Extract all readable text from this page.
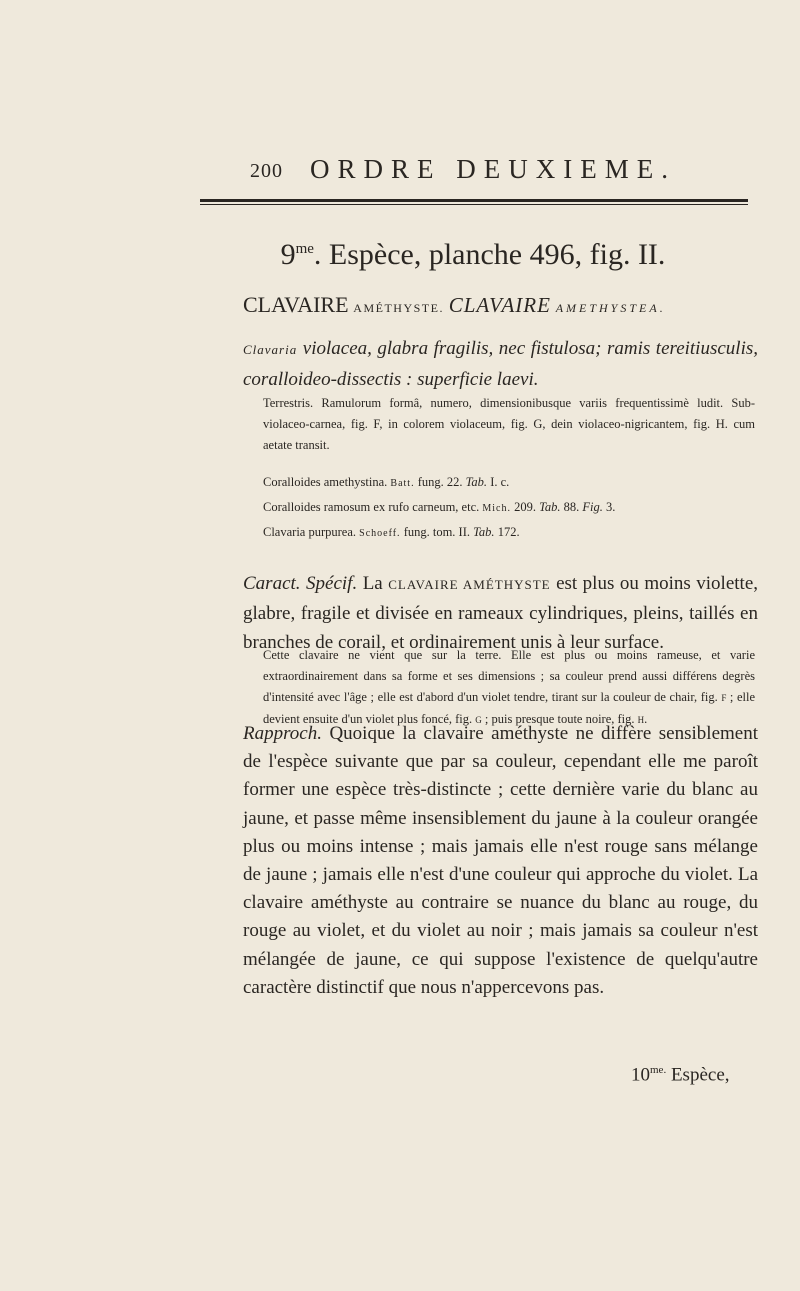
200 ORDRE DEUXIEME.
$9^{me}$. Espèce, planche 496, fig. II.
CLAVAIRE AMÉTHYSTE. CLAVAIRE AMETHYSTEA.
Clavaria violacea, glabra fragilis, nec fistulosa; ramis tereitiusculis, coralloideo-dissectis : superficie laevi.
Terrestris. Ramulorum formâ, numero, dimensionibusque variis frequentissimè ludit. Sub-violaceo-carnea, fig. F, in colorem violaceum, fig. G, dein violaceo-nigricantem, fig. H. cum aetate transit.
Coralloides amethystina. Batt. fung. 22. Tab. I. c.
Coralloides ramosum ex rufo carneum, etc. Mich. 209. Tab. 88. Fig. 3.
Clavaria purpurea. Schoeff. fung. tom. II. Tab. 172.
Caract. Spécif. La CLAVAIRE AMÉTHYSTE est plus ou moins violette, glabre, fragile et divisée en rameaux cylindriques, pleins, taillés en branches de corail, et ordinairement unis à leur surface.
Cette clavaire ne vient que sur la terre. Elle est plus ou moins rameuse, et varie extraordinairement dans sa forme et ses dimensions ; sa couleur prend aussi différens degrès d'intensité avec l'âge ; elle est d'abord d'un violet tendre, tirant sur la couleur de chair, fig. F ; elle devient ensuite d'un violet plus foncé, fig. G ; puis presque toute noire, fig. H.
Rapproch. Quoique la clavaire améthyste ne diffère sensiblement de l'espèce suivante que par sa couleur, cependant elle me paroît former une espèce très-distincte ; cette dernière varie du blanc au jaune, et passe même insensiblement du jaune à la couleur orangée plus ou moins intense ; mais jamais elle n'est rouge sans mélange de jaune ; jamais elle n'est d'une couleur qui approche du violet. La clavaire améthyste au contraire se nuance du blanc au rouge, du rouge au violet, et du violet au noir ; mais jamais sa couleur n'est mélangée de jaune, ce qui suppose l'existence de quelqu'autre caractère distinctif que nous n'appercevons pas.
$10^{me.}$ Espèce,
